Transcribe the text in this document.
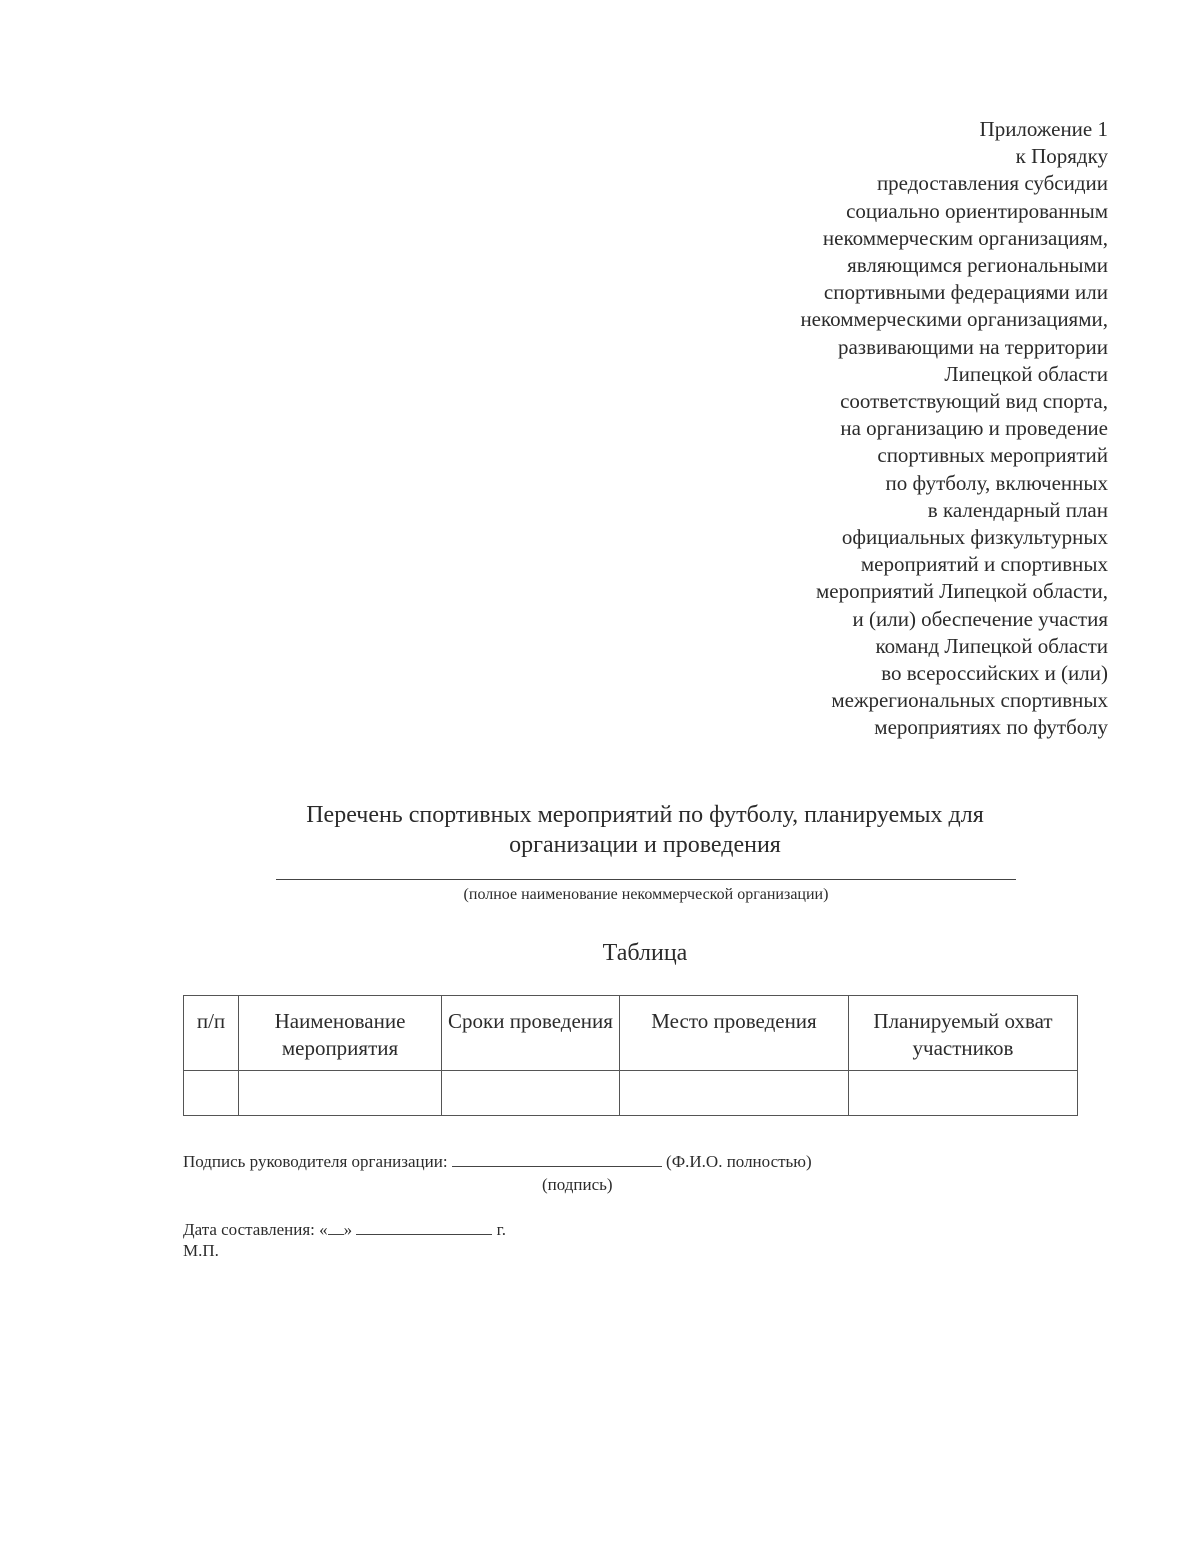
Приложение 1
к Порядку
предоставления субсидии
социально ориентированным
некоммерческим организациям,
являющимся региональными
спортивными федерациями или
некоммерческими организациями,
развивающими на территории
Липецкой области
соответствующий вид спорта,
на организацию и проведение
спортивных мероприятий
по футболу, включенных
в календарный план
официальных физкультурных
мероприятий и спортивных
мероприятий Липецкой области,
и (или) обеспечение участия
команд Липецкой области
во всероссийских и (или)
межрегиональных спортивных
мероприятиях по футболу
Перечень спортивных мероприятий по футболу, планируемых для
организации и проведения
(полное наименование некоммерческой организации)
Таблица
п/п	Наименование мероприятия	Сроки проведения	Место проведения	Планируемый охват участников

Подпись руководителя организации:	(Ф.И.О. полностью)
(подпись)
Дата составления: « »	г.
М.П.
